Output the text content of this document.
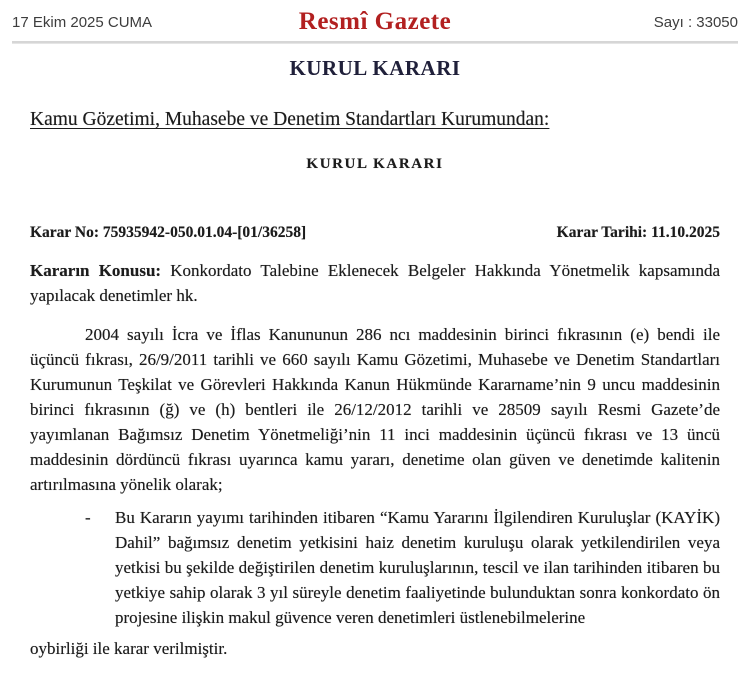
17 Ekim 2025 CUMA	Resmî Gazete	Sayı : 33050
KURUL KARARI
Kamu Gözetimi, Muhasebe ve Denetim Standartları Kurumundan:
KURUL KARARI
Karar No: 75935942-050.01.04-[01/36258]	Karar Tarihi: 11.10.2025

Kararın Konusu: Konkordato Talebine Eklenecek Belgeler Hakkında Yönetmelik kapsamında yapılacak denetimler hk.

2004 sayılı İcra ve İflas Kanununun 286 ncı maddesinin birinci fıkrasının (e) bendi ile üçüncü fıkrası, 26/9/2011 tarihli ve 660 sayılı Kamu Gözetimi, Muhasebe ve Denetim Standartları Kurumunun Teşkilat ve Görevleri Hakkında Kanun Hükmünde Kararname’nin 9 uncu maddesinin birinci fıkrasının (ğ) ve (h) bentleri ile 26/12/2012 tarihli ve 28509 sayılı Resmi Gazete’de yayımlanan Bağımsız Denetim Yönetmeliği’nin 11 inci maddesinin üçüncü fıkrası ve 13 üncü maddesinin dördüncü fıkrası uyarınca kamu yararı, denetime olan güven ve denetimde kalitenin artırılmasına yönelik olarak;

-	Bu Kararın yayımı tarihinden itibaren “Kamu Yararını İlgilendiren Kuruluşlar (KAYİK) Dahil” bağımsız denetim yetkisini haiz denetim kuruluşu olarak yetkilendirilen veya yetkisi bu şekilde değiştirilen denetim kuruluşlarının, tescil ve ilan tarihinden itibaren bu yetkiye sahip olarak 3 yıl süreyle denetim faaliyetinde bulunduktan sonra konkordato ön projesine ilişkin makul güvence veren denetimleri üstlenebilmelerine

oybirliği ile karar verilmiştir.
